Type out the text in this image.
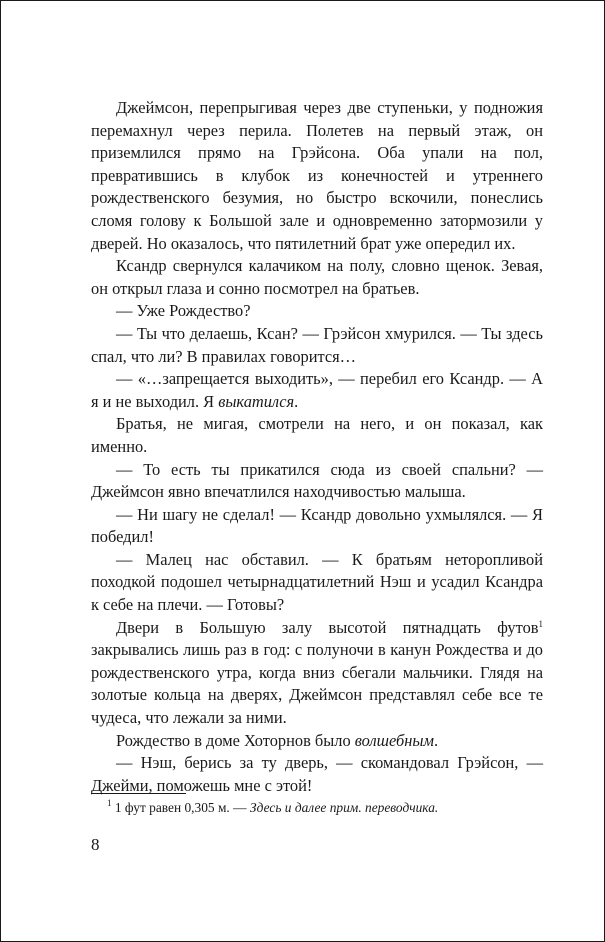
Джеймсон, перепрыгивая через две ступеньки, у подножия перемахнул через перила. Полетев на первый этаж, он приземлился прямо на Грэйсона. Оба упали на пол, превратившись в клубок из конечностей и утреннего рождественского безумия, но быстро вскочили, понеслись сломя голову к Большой зале и одновременно затормозили у дверей. Но оказалось, что пятилетний брат уже опередил их.

Ксандр свернулся калачиком на полу, словно щенок. Зевая, он открыл глаза и сонно посмотрел на братьев.

— Уже Рождество?

— Ты что делаешь, Ксан? — Грэйсон хмурился. — Ты здесь спал, что ли? В правилах говорится…

— «…запрещается выходить», — перебил его Ксандр. — А я и не выходил. Я выкатился.

Братья, не мигая, смотрели на него, и он показал, как именно.

— То есть ты прикатился сюда из своей спальни? — Джеймсон явно впечатлился находчивостью малыша.

— Ни шагу не сделал! — Ксандр довольно ухмылялся. — Я победил!

— Малец нас обставил. — К братьям неторопливой походкой подошел четырнадцатилетний Нэш и усадил Ксандра к себе на плечи. — Готовы?

Двери в Большую залу высотой пятнадцать футов$^1$ закрывались лишь раз в год: с полуночи в канун Рождества и до рождественского утра, когда вниз сбегали мальчики. Глядя на золотые кольца на дверях, Джеймсон представлял себе все те чудеса, что лежали за ними.

Рождество в доме Хоторнов было волшебным.

— Нэш, берись за ту дверь, — скомандовал Грэйсон, — Джейми, поможешь мне с этой!

$^1$ 1 фут равен 0,305 м. — Здесь и далее прим. переводчика.
8
